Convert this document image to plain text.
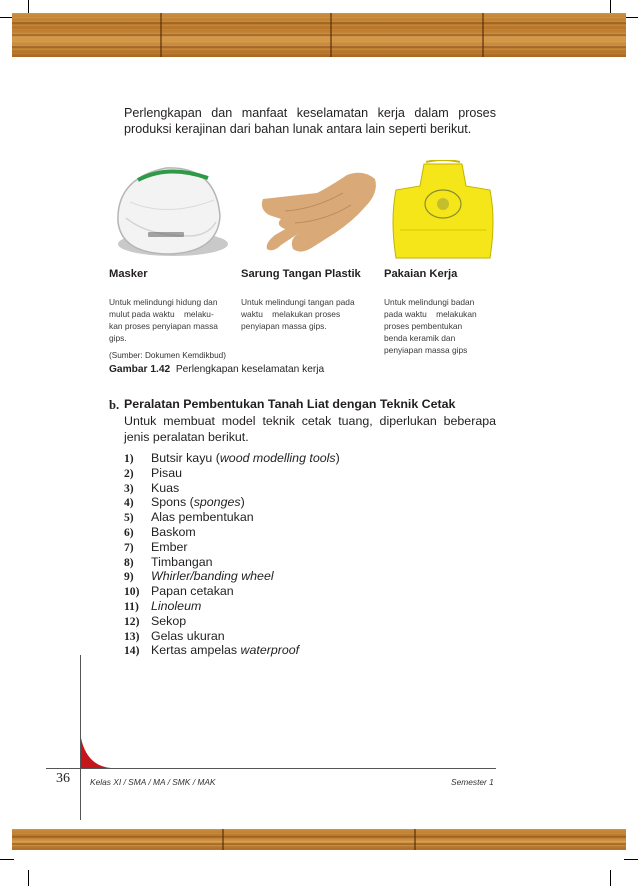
Perlengkapan dan manfaat keselamatan kerja dalam proses produksi kerajinan dari bahan lunak antara lain seperti berikut.

Masker	Sarung Tangan Plastik Pakaian Kerja
Untuk melindungi hidung dan
mulut pada waktu    melaku-
kan proses penyiapan massa
gips.
Untuk melindungi tangan pada
waktu    melakukan proses
penyiapan massa gips.
Untuk melindungi badan
pada waktu    melakukan
proses pembentukan
benda keramik dan
penyiapan massa gips
(Sumber: Dokumen Kemdikbud)
Gambar 1.42 Perlengkapan keselamatan kerja
b. Peralatan Pembentukan Tanah Liat dengan Teknik Cetak

Untuk membuat model teknik cetak tuang, diperlukan beberapa jenis peralatan berikut.

1) Butsir kayu (wood modelling tools)
2) Pisau
3) Kuas
4) Spons (sponges)
5) Alas pembentukan
6) Baskom
7) Ember
8) Timbangan
9) Whirler/banding wheel
10) Papan cetakan
11) Linoleum
12) Sekop
13) Gelas ukuran
14) Kertas ampelas waterproof
36 Kelas XI / SMA / MA / SMK / MAK	Semester 1
